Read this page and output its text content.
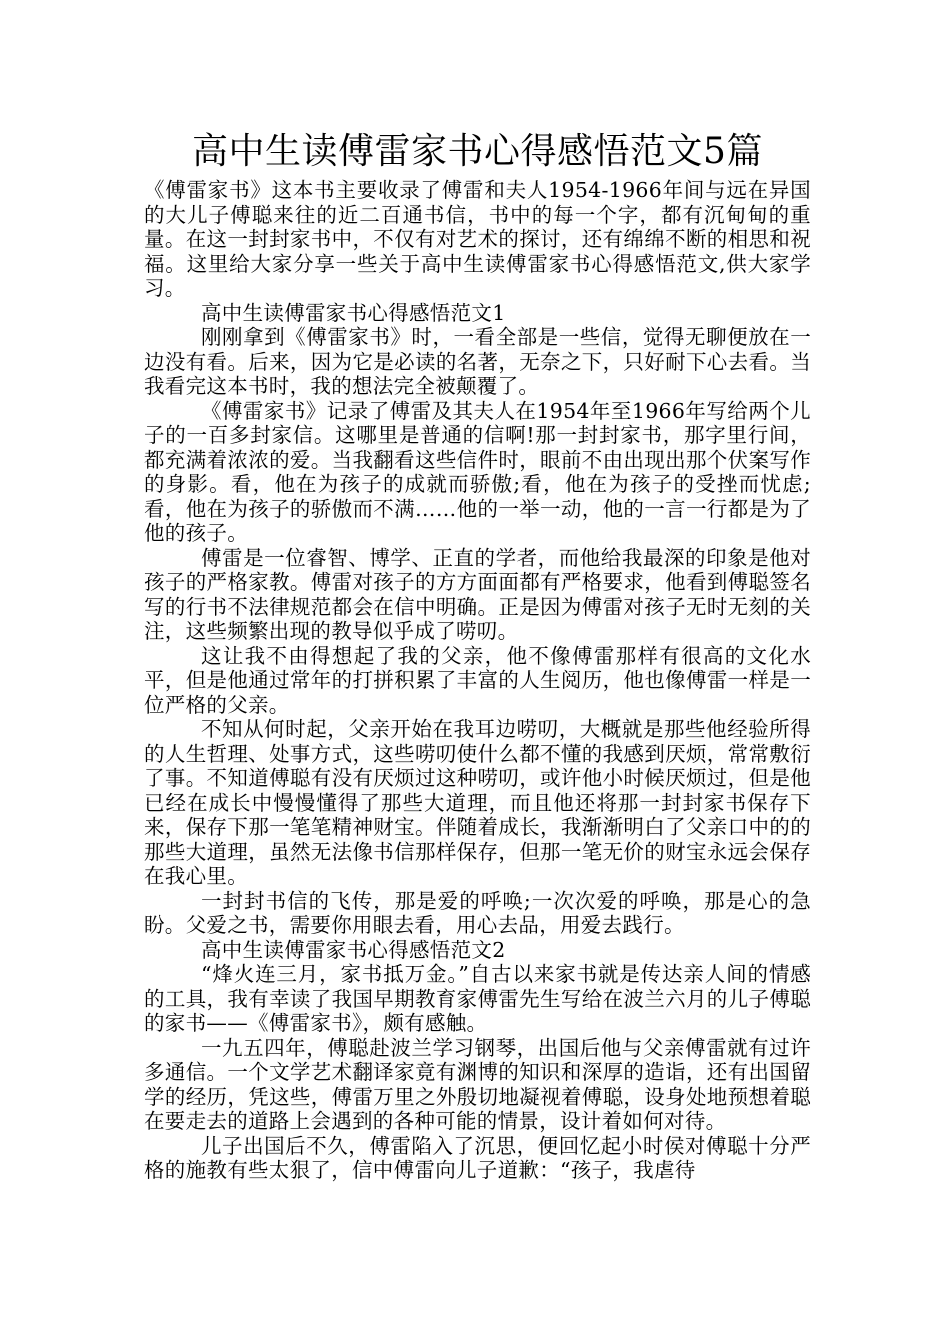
高中生读傅雷家书心得感悟范文5篇

《傅雷家书》这本书主要收录了傅雷和夫人1954-1966年间与远在异国的大儿子傅聪来往的近二百通书信，书中的每一个字，都有沉甸甸的重量。在这一封封家书中，不仅有对艺术的探讨，还有绵绵不断的相思和祝福。这里给大家分享一些关于高中生读傅雷家书心得感悟范文,供大家学习。

高中生读傅雷家书心得感悟范文1

刚刚拿到《傅雷家书》时，一看全部是一些信，觉得无聊便放在一边没有看。后来，因为它是必读的名著，无奈之下，只好耐下心去看。当我看完这本书时，我的想法完全被颠覆了。

《傅雷家书》记录了傅雷及其夫人在1954年至1966年写给两个儿子的一百多封家信。这哪里是普通的信啊!那一封封家书，那字里行间，都充满着浓浓的爱。当我翻看这些信件时，眼前不由出现出那个伏案写作的身影。看，他在为孩子的成就而骄傲;看，他在为孩子的受挫而忧虑;看，他在为孩子的骄傲而不满……他的一举一动，他的一言一行都是为了他的孩子。

傅雷是一位睿智、博学、正直的学者，而他给我最深的印象是他对孩子的严格家教。傅雷对孩子的方方面面都有严格要求，他看到傅聪签名写的行书不法律规范都会在信中明确。正是因为傅雷对孩子无时无刻的关注，这些频繁出现的教导似乎成了唠叨。

这让我不由得想起了我的父亲，他不像傅雷那样有很高的文化水平，但是他通过常年的打拼积累了丰富的人生阅历，他也像傅雷一样是一位严格的父亲。

不知从何时起，父亲开始在我耳边唠叨，大概就是那些他经验所得的人生哲理、处事方式，这些唠叨使什么都不懂的我感到厌烦，常常敷衍了事。不知道傅聪有没有厌烦过这种唠叨，或许他小时候厌烦过，但是他已经在成长中慢慢懂得了那些大道理，而且他还将那一封封家书保存下来，保存下那一笔笔精神财宝。伴随着成长，我渐渐明白了父亲口中的的那些大道理，虽然无法像书信那样保存，但那一笔无价的财宝永远会保存在我心里。

一封封书信的飞传，那是爱的呼唤;一次次爱的呼唤，那是心的急盼。父爱之书，需要你用眼去看，用心去品，用爱去践行。

高中生读傅雷家书心得感悟范文2

“烽火连三月，家书抵万金。”自古以来家书就是传达亲人间的情感的工具，我有幸读了我国早期教育家傅雷先生写给在波兰六月的儿子傅聪的家书——《傅雷家书》，颇有感触。

一九五四年，傅聪赴波兰学习钢琴，出国后他与父亲傅雷就有过许多通信。一个文学艺术翻译家竟有渊博的知识和深厚的造诣，还有出国留学的经历，凭这些，傅雷万里之外殷切地凝视着傅聪，设身处地预想着聪在要走去的道路上会遇到的各种可能的情景，设计着如何对待。

儿子出国后不久，傅雷陷入了沉思，便回忆起小时侯对傅聪十分严格的施教有些太狠了，信中傅雷向儿子道歉：“孩子，我虐待
